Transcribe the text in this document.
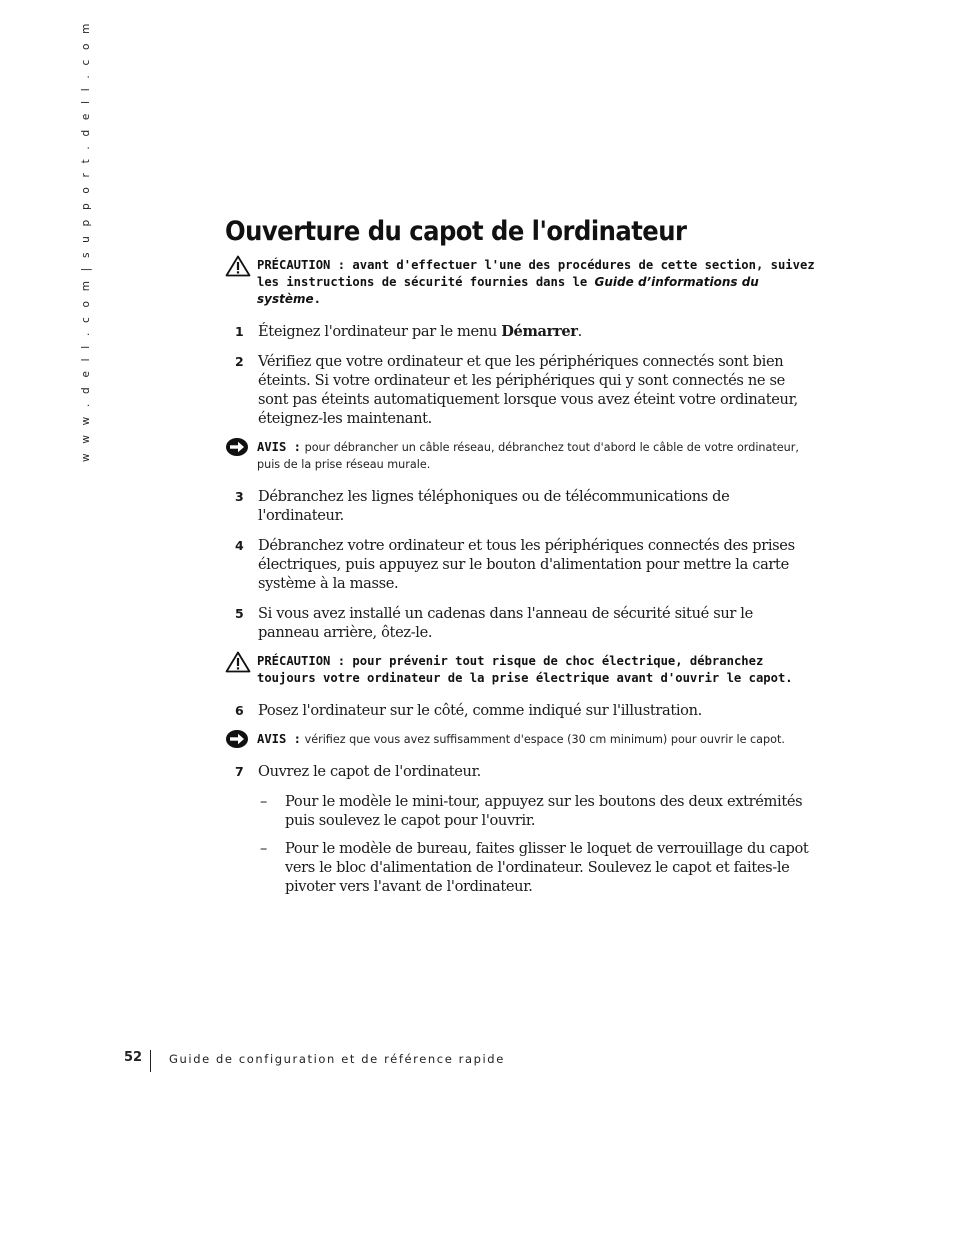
w w w . d e l l . c o m | s u p p o r t . d e l l . c o m	Ouverture du capot de l'ordinateur
PRÉCAUTION : avant d'effectuer l'une des procédures de cette section, suivez les instructions de sécurité fournies dans le Guide d’informations du système.
1 Éteignez l'ordinateur par le menu Démarrer.
2 Vérifiez que votre ordinateur et que les périphériques connectés sont bien éteints. Si votre ordinateur et les périphériques qui y sont connectés ne se sont pas éteints automatiquement lorsque vous avez éteint votre ordinateur, éteignez-les maintenant.
AVIS : pour débrancher un câble réseau, débranchez tout d'abord le câble de votre ordinateur, puis de la prise réseau murale.
3 Débranchez les lignes téléphoniques ou de télécommunications de l'ordinateur.
4 Débranchez votre ordinateur et tous les périphériques connectés des prises électriques, puis appuyez sur le bouton d'alimentation pour mettre la carte système à la masse.
5 Si vous avez installé un cadenas dans l'anneau de sécurité situé sur le panneau arrière, ôtez-le.
PRÉCAUTION : pour prévenir tout risque de choc électrique, débranchez toujours votre ordinateur de la prise électrique avant d'ouvrir le capot.
6 Posez l'ordinateur sur le côté, comme indiqué sur l'illustration.
AVIS : vérifiez que vous avez suffisamment d'espace (30 cm minimum) pour ouvrir le capot.
7 Ouvrez le capot de l'ordinateur.
– Pour le modèle le mini-tour, appuyez sur les boutons des deux extrémités puis soulevez le capot pour l'ouvrir.
– Pour le modèle de bureau, faites glisser le loquet de verrouillage du capot vers le bloc d'alimentation de l'ordinateur. Soulevez le capot et faites-le pivoter vers l'avant de l'ordinateur.
52	Guide de configuration et de référence rapide
